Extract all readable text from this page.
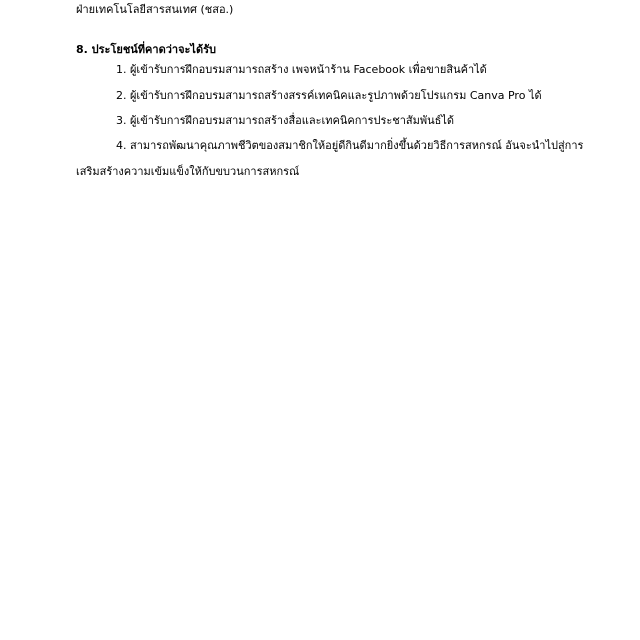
ฝ่ายเทคโนโลยีสารสนเทศ (ชสอ.)
8. ประโยชน์ที่คาดว่าจะได้รับ
1. ผู้เข้ารับการฝึกอบรมสามารถสร้าง เพจหน้าร้าน Facebook เพื่อขายสินค้าได้
2. ผู้เข้ารับการฝึกอบรมสามารถสร้างสรรค์เทคนิคและรูปภาพด้วยโปรแกรม Canva Pro ได้
3. ผู้เข้ารับการฝึกอบรมสามารถสร้างสื่อและเทคนิคการประชาสัมพันธ์ได้
4. สามารถพัฒนาคุณภาพชีวิตของสมาชิกให้อยู่ดีกินดีมากยิ่งขึ้นด้วยวิธีการสหกรณ์ อันจะนำไปสู่การ
เสริมสร้างความเข้มแข็งให้กับขบวนการสหกรณ์
